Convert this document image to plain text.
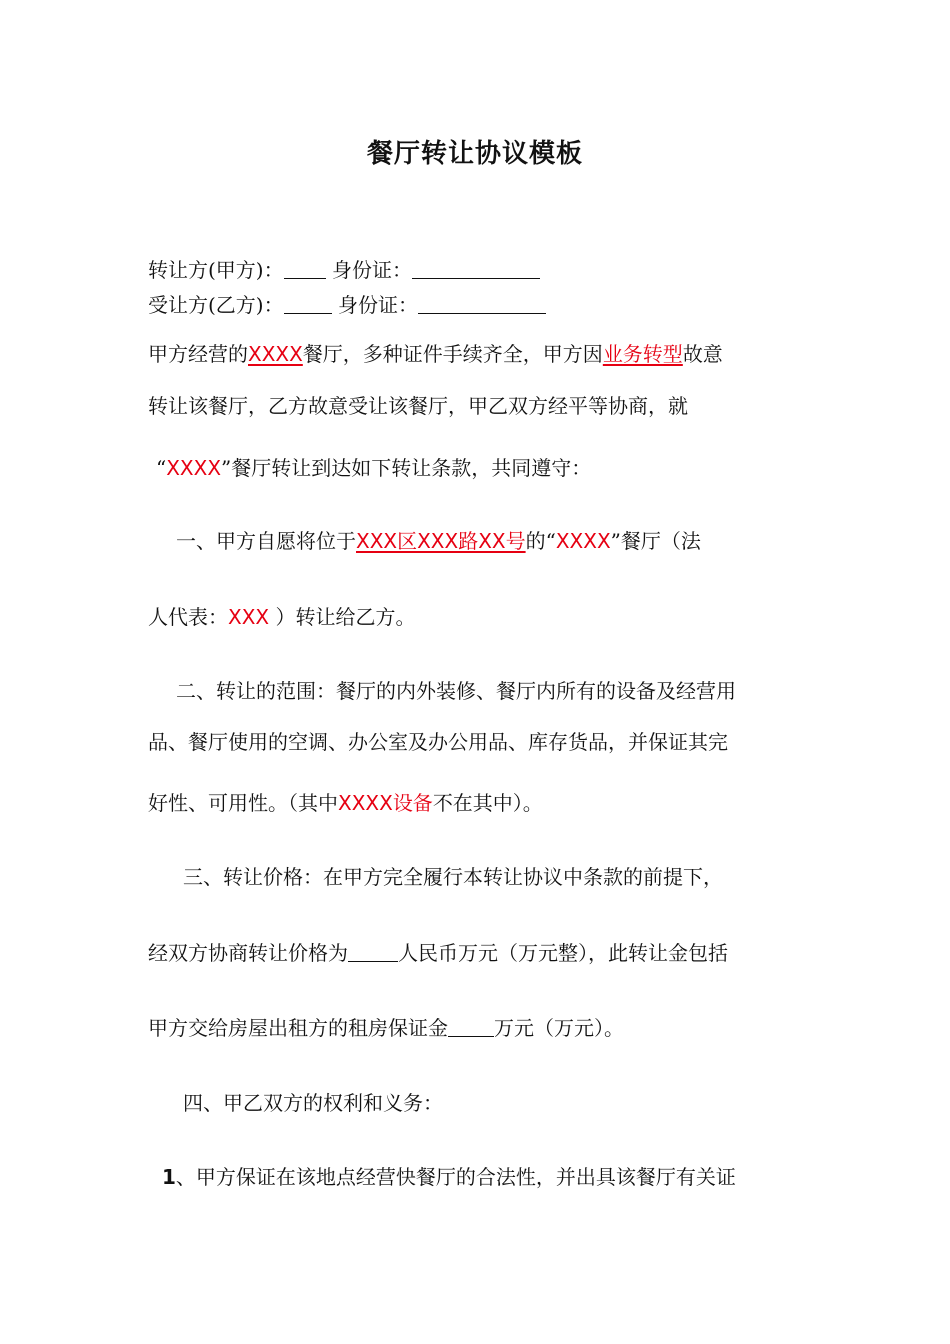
餐厅转让协议模板
转让方(甲方)： 身份证：
受让方(乙方)：	身份证：
甲方经营的XXXX餐厅，多种证件手续齐全，甲方因业务转型故意
转让该餐厅，乙方故意受让该餐厅，甲乙双方经平等协商，就
“XXXX”餐厅转让到达如下转让条款，共同遵守：
一、甲方自愿将位于XXX区XXX路XX号的“XXXX”餐厅（法
人代表：XXX ）转让给乙方。
二、转让的范围：餐厅的内外装修、餐厅内所有的设备及经营用
品、餐厅使用的空调、办公室及办公用品、库存货品，并保证其完
好性、可用性。（其中XXXX设备不在其中）。
三、转让价格：在甲方完全履行本转让协议中条款的前提下，
经双方协商转让价格为	人民币万元（万元整），此转让金包括
甲方交给房屋出租方的租房保证金 万元（万元）。
四、甲乙双方的权利和义务：
1、甲方保证在该地点经营快餐厅的合法性，并出具该餐厅有关证
